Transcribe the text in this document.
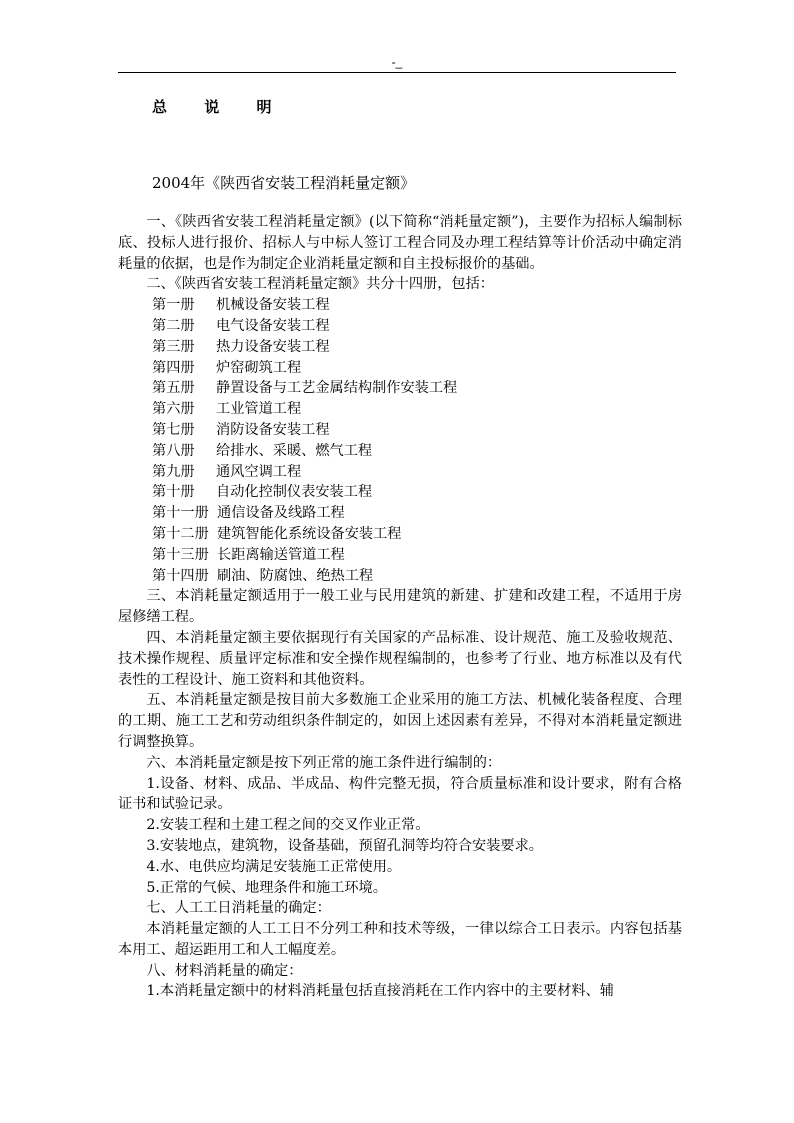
-_
总 说 明
2004年《陕西省安装工程消耗量定额》

一、《陕西省安装工程消耗量定额》(以下简称“消耗量定额”)，主要作为招标人编制标底、投标人进行报价、招标人与中标人签订工程合同及办理工程结算等计价活动中确定消耗量的依据，也是作为制定企业消耗量定额和自主投标报价的基础。

二、《陕西省安装工程消耗量定额》共分十四册，包括：

第一册 机械设备安装工程

第二册 电气设备安装工程

第三册 热力设备安装工程

第四册 炉窑砌筑工程

第五册 静置设备与工艺金属结构制作安装工程

第六册 工业管道工程

第七册 消防设备安装工程

第八册 给排水、采暖、燃气工程

第九册 通风空调工程

第十册 自动化控制仪表安装工程

第十一册 通信设备及线路工程

第十二册 建筑智能化系统设备安装工程

第十三册 长距离输送管道工程

第十四册 刷油、防腐蚀、绝热工程

三、本消耗量定额适用于一般工业与民用建筑的新建、扩建和改建工程，不适用于房屋修缮工程。

四、本消耗量定额主要依据现行有关国家的产品标准、设计规范、施工及验收规范、技术操作规程、质量评定标准和安全操作规程编制的，也参考了行业、地方标准以及有代表性的工程设计、施工资料和其他资料。

五、本消耗量定额是按目前大多数施工企业采用的施工方法、机械化装备程度、合理的工期、施工工艺和劳动组织条件制定的，如因上述因素有差异，不得对本消耗量定额进行调整换算。

六、本消耗量定额是按下列正常的施工条件进行编制的：

1.设备、材料、成品、半成品、构件完整无损，符合质量标准和设计要求，附有合格证书和试验记录。

2.安装工程和土建工程之间的交叉作业正常。

3.安装地点，建筑物，设备基础，预留孔洞等均符合安装要求。

4.水、电供应均满足安装施工正常使用。

5.正常的气候、地理条件和施工环境。

七、人工工日消耗量的确定：

本消耗量定额的人工工日不分列工种和技术等级，一律以综合工日表示。内容包括基本用工、超运距用工和人工幅度差。

八、材料消耗量的确定：

1.本消耗量定额中的材料消耗量包括直接消耗在工作内容中的主要材料、辅
